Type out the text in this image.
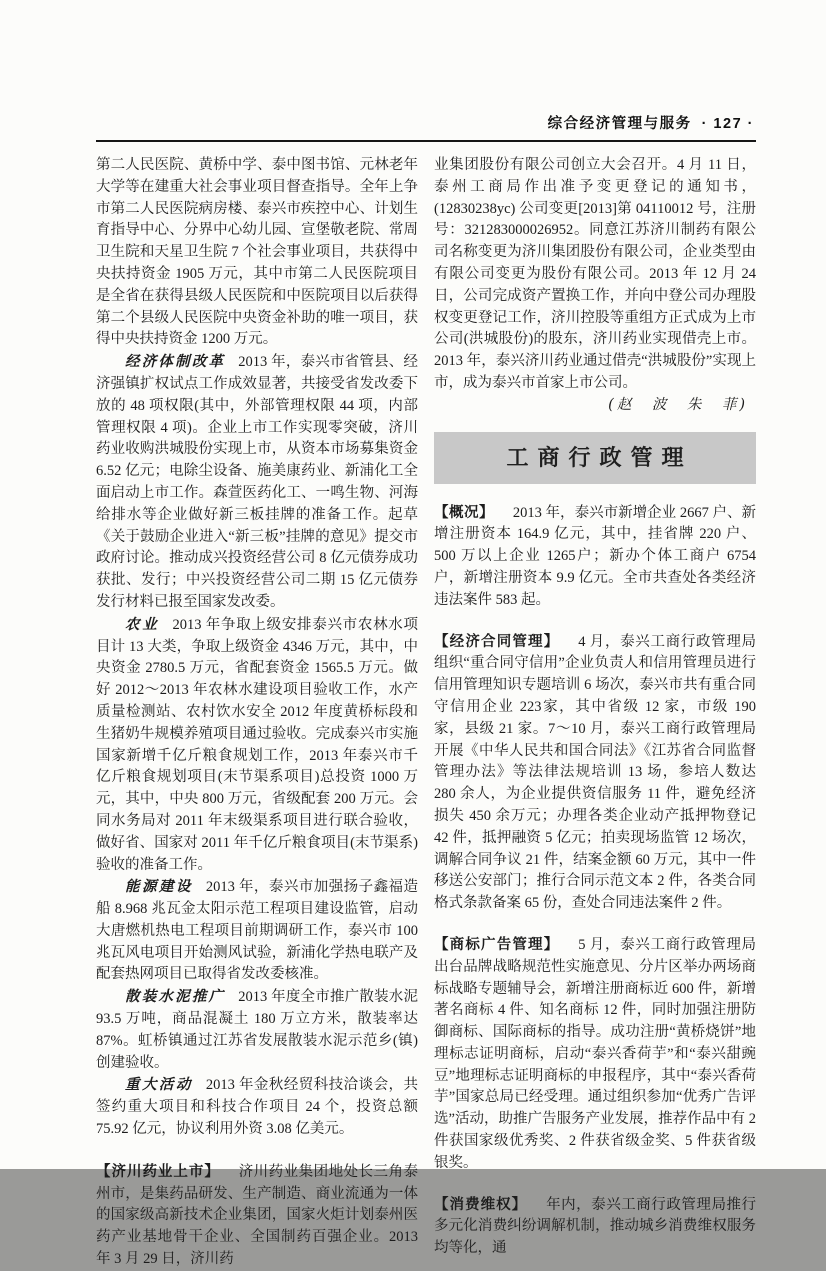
综合经济管理与服务 · 127 ·

第二人民医院、黄桥中学、泰中图书馆、元林老年大学等在建重大社会事业项目督查指导。全年上争市第二人民医院病房楼、泰兴市疾控中心、计划生育指导中心、分界中心幼儿园、宣堡敬老院、常周卫生院和天星卫生院 7 个社会事业项目，共获得中央扶持资金 1905 万元，其中市第二人民医院项目是全省在获得县级人民医院和中医院项目以后获得第二个县级人民医院中央资金补助的唯一项目，获得中央扶持资金 1200 万元。

经济体制改革 2013 年，泰兴市省管县、经济强镇扩权试点工作成效显著，共接受省发改委下放的 48 项权限(其中，外部管理权限 44 项，内部管理权限 4 项)。企业上市工作实现零突破，济川药业收购洪城股份实现上市，从资本市场募集资金 6.52 亿元；电除尘设备、施美康药业、新浦化工全面启动上市工作。森萱医药化工、一鸣生物、河海给排水等企业做好新三板挂牌的准备工作。起草《关于鼓励企业进入“新三板”挂牌的意见》提交市政府讨论。推动成兴投资经营公司 8 亿元债券成功获批、发行；中兴投资经营公司二期 15 亿元债券发行材料已报至国家发改委。

农业 2013 年争取上级安排泰兴市农林水项目计 13 大类，争取上级资金 4346 万元，其中，中央资金 2780.5 万元，省配套资金 1565.5 万元。做好 2012～2013 年农林水建设项目验收工作，水产质量检测站、农村饮水安全 2012 年度黄桥标段和生猪奶牛规模养殖项目通过验收。完成泰兴市实施国家新增千亿斤粮食规划工作，2013 年泰兴市千亿斤粮食规划项目(末节渠系项目)总投资 1000 万元，其中，中央 800 万元，省级配套 200 万元。会同水务局对 2011 年末级渠系项目进行联合验收，做好省、国家对 2011 年千亿斤粮食项目(末节渠系)验收的准备工作。

能源建设 2013 年，泰兴市加强扬子鑫福造船 8.968 兆瓦金太阳示范工程项目建设监管，启动大唐燃机热电工程项目前期调研工作，泰兴市 100 兆瓦风电项目开始测风试验，新浦化学热电联产及配套热网项目已取得省发改委核准。

散装水泥推广 2013 年度全市推广散装水泥 93.5 万吨，商品混凝土 180 万立方米，散装率达 87%。虹桥镇通过江苏省发展散装水泥示范乡(镇)创建验收。

重大活动 2013 年金秋经贸科技洽谈会，共签约重大项目和科技合作项目 24 个，投资总额 75.92 亿元，协议利用外资 3.08 亿美元。

【济川药业上市】 济川药业集团地处长三角泰州市，是集药品研发、生产制造、商业流通为一体的国家级高新技术企业集团，国家火炬计划泰州医药产业基地骨干企业、全国制药百强企业。2013 年 3 月 29 日，济川药

业集团股份有限公司创立大会召开。4 月 11 日，泰州工商局作出准予变更登记的通知书，(12830238yc) 公司变更[2013]第 04110012 号，注册号：321283000026952。同意江苏济川制药有限公司名称变更为济川集团股份有限公司，企业类型由有限公司变更为股份有限公司。2013 年 12 月 24 日，公司完成资产置换工作，并向中登公司办理股权变更登记工作，济川控股等重组方正式成为上市公司(洪城股份)的股东，济川药业实现借壳上市。2013 年，泰兴济川药业通过借壳“洪城股份”实现上市，成为泰兴市首家上市公司。

(赵　波　朱　菲)

工商行政管理

【概况】 2013 年，泰兴市新增企业 2667 户、新增注册资本 164.9 亿元，其中，挂省牌 220 户、500 万以上企业 1265户；新办个体工商户 6754 户，新增注册资本 9.9 亿元。全市共查处各类经济违法案件 583 起。

【经济合同管理】 4 月，泰兴工商行政管理局组织“重合同守信用”企业负责人和信用管理员进行信用管理知识专题培训 6 场次，泰兴市共有重合同守信用企业 223家，其中省级 12 家，市级 190 家，县级 21 家。7～10 月，泰兴工商行政管理局开展《中华人民共和国合同法》《江苏省合同监督管理办法》等法律法规培训 13 场，参培人数达 280 余人，为企业提供资信服务 11 件，避免经济损失 450 余万元；办理各类企业动产抵押物登记 42 件，抵押融资 5 亿元；拍卖现场监管 12 场次，调解合同争议 21 件，结案金额 60 万元，其中一件移送公安部门；推行合同示范文本 2 件，各类合同格式条款备案 65 份，查处合同违法案件 2 件。

【商标广告管理】 5 月，泰兴工商行政管理局出台品牌战略规范性实施意见、分片区举办两场商标战略专题辅导会，新增注册商标近 600 件，新增著名商标 4 件、知名商标 12 件，同时加强注册防御商标、国际商标的指导。成功注册“黄桥烧饼”地理标志证明商标，启动“泰兴香荷芋”和“泰兴甜豌豆”地理标志证明商标的申报程序，其中“泰兴香荷芋”国家总局已经受理。通过组织参加“优秀广告评选”活动，助推广告服务产业发展，推荐作品中有 2 件获国家级优秀奖、2 件获省级金奖、5 件获省级银奖。

【消费维权】 年内，泰兴工商行政管理局推行多元化消费纠纷调解机制，推动城乡消费维权服务均等化，通
